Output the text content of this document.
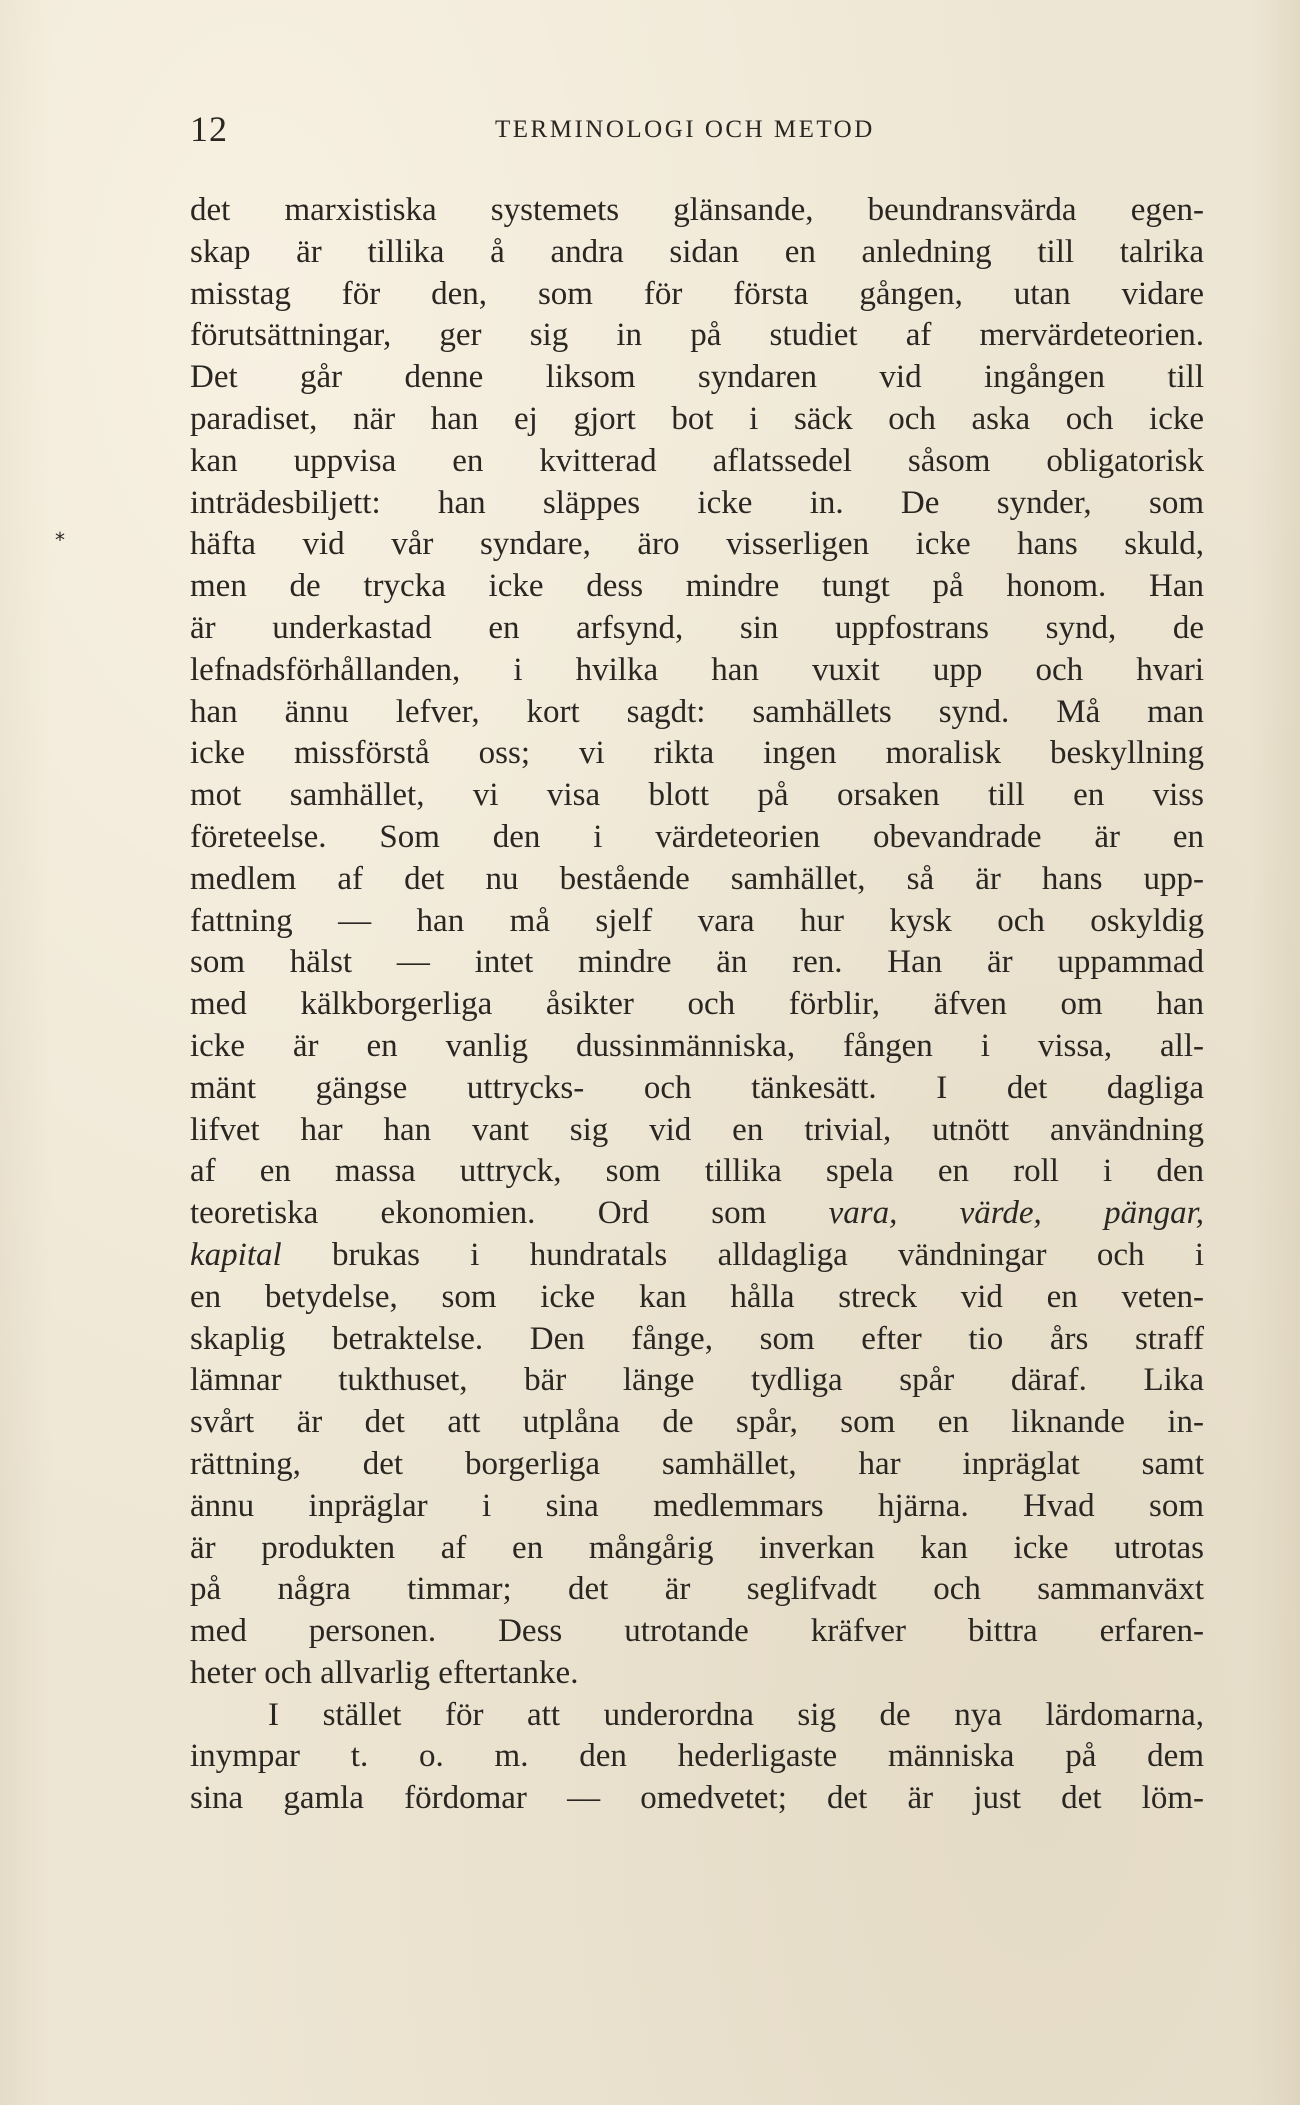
12	TERMINOLOGI OCH METOD
*
det marxistiska systemets glänsande, beundransvärda egen-
skap är tillika å andra sidan en anledning till talrika
misstag för den, som för första gången, utan vidare
förutsättningar, ger sig in på studiet af mervärdeteorien.
Det går denne liksom syndaren vid ingången till
paradiset, när han ej gjort bot i säck och aska och icke
kan uppvisa en kvitterad aflatssedel såsom obligatorisk
inträdesbiljett: han släppes icke in. De synder, som
häfta vid vår syndare, äro visserligen icke hans skuld,
men de trycka icke dess mindre tungt på honom. Han
är underkastad en arfsynd, sin uppfostrans synd, de
lefnadsförhållanden, i hvilka han vuxit upp och hvari
han ännu lefver, kort sagdt: samhällets synd. Må man
icke missförstå oss; vi rikta ingen moralisk beskyllning
mot samhället, vi visa blott på orsaken till en viss
företeelse. Som den i värdeteorien obevandrade är en
medlem af det nu bestående samhället, så är hans upp-
fattning — han må sjelf vara hur kysk och oskyldig
som hälst — intet mindre än ren. Han är uppammad
med kälkborgerliga åsikter och förblir, äfven om han
icke är en vanlig dussinmänniska, fången i vissa, all-
mänt gängse uttrycks- och tänkesätt. I det dagliga
lifvet har han vant sig vid en trivial, utnött användning
af en massa uttryck, som tillika spela en roll i den
teoretiska ekonomien. Ord som vara, värde, pängar,
kapital brukas i hundratals alldagliga vändningar och i
en betydelse, som icke kan hålla streck vid en veten-
skaplig betraktelse. Den fånge, som efter tio års straff
lämnar tukthuset, bär länge tydliga spår däraf. Lika
svårt är det att utplåna de spår, som en liknande in-
rättning, det borgerliga samhället, har inpräglat samt
ännu inpräglar i sina medlemmars hjärna. Hvad som
är produkten af en mångårig inverkan kan icke utrotas
på några timmar; det är seglifvadt och sammanväxt
med personen. Dess utrotande kräfver bittra erfaren-
heter och allvarlig eftertanke.
I stället för att underordna sig de nya lärdomarna,
inympar t. o. m. den hederligaste människa på dem
sina gamla fördomar — omedvetet; det är just det löm-
